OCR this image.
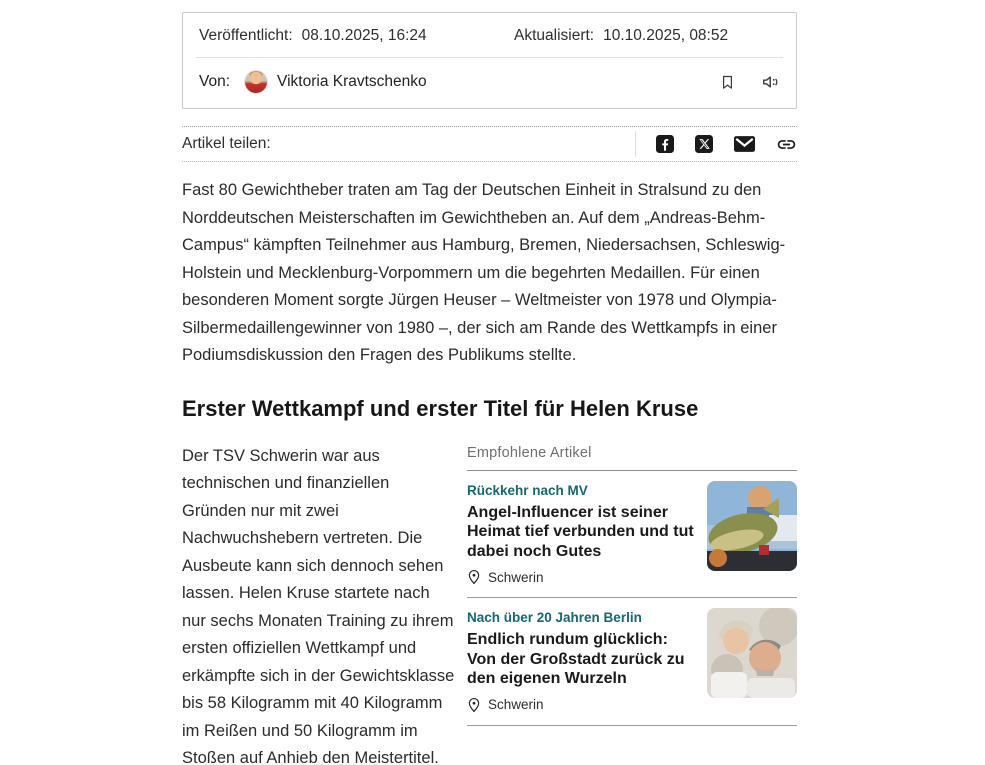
Veröffentlicht: 08.10.2025, 16:24	Aktualisiert: 10.10.2025, 08:52
Von:	Viktoria Kravtschenko
Artikel teilen:

Fast 80 Gewichtheber traten am Tag der Deutschen Einheit in Stralsund zu den Norddeutschen Meisterschaften im Gewichtheben an. Auf dem „Andreas-Behm-Campus“ kämpften Teilnehmer aus Hamburg, Bremen, Niedersachsen, Schleswig-Holstein und Mecklenburg-Vorpommern um die begehrten Medaillen. Für einen besonderen Moment sorgte Jürgen Heuser – Weltmeister von 1978 und Olympia-Silbermedaillengewinner von 1980 –, der sich am Rande des Wettkampfs in einer Podiumsdiskussion den Fragen des Publikums stellte.

Erster Wettkampf und erster Titel für Helen Kruse
Empfohlene Artikel
Rückkehr nach MV
Angel-Influencer ist seiner Heimat tief verbunden und tut dabei noch Gutes
Schwerin
Nach über 20 Jahren Berlin
Endlich rundum glücklich: Von der Großstadt zurück zu den eigenen Wurzeln
Schwerin

Der TSV Schwerin war aus technischen und finanziellen Gründen nur mit zwei Nachwuchshebern vertreten. Die Ausbeute kann sich dennoch sehen lassen. Helen Kruse startete nach nur sechs Monaten Training zu ihrem ersten offiziellen Wettkampf und erkämpfte sich in der Gewichtsklasse bis 58 Kilogramm mit 40 Kilogramm im Reißen und 50 Kilogramm im Stoßen auf Anhieb den Meistertitel.
